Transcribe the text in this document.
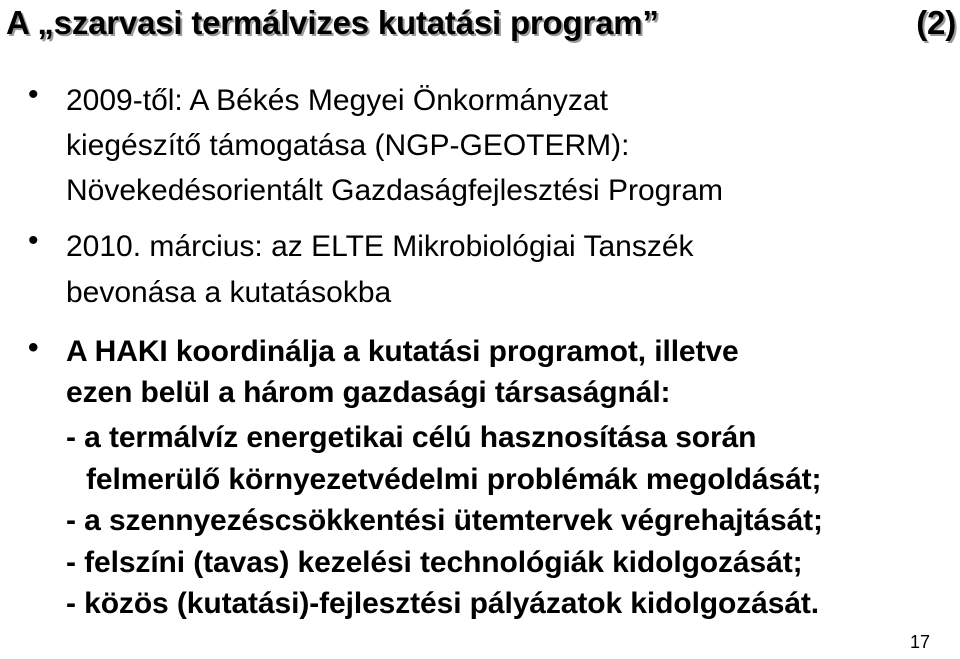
A „szarvasi termálvizes kutatási program”	(2)
• 2009-től: A Békés Megyei Önkormányzat
kiegészítő támogatása (NGP-GEOTERM):
Növekedésorientált Gazdaságfejlesztési Program
• 2010. március: az ELTE Mikrobiológiai Tanszék
bevonása a kutatásokba
• A HAKI koordinálja a kutatási programot, illetve
ezen belül a három gazdasági társaságnál:
- a termálvíz energetikai célú hasznosítása során
felmerülő környezetvédelmi problémák megoldását;
- a szennyezéscsökkentési ütemtervek végrehajtását;
- felszíni (tavas) kezelési technológiák kidolgozását;
- közös (kutatási)-fejlesztési pályázatok kidolgozását.
17
